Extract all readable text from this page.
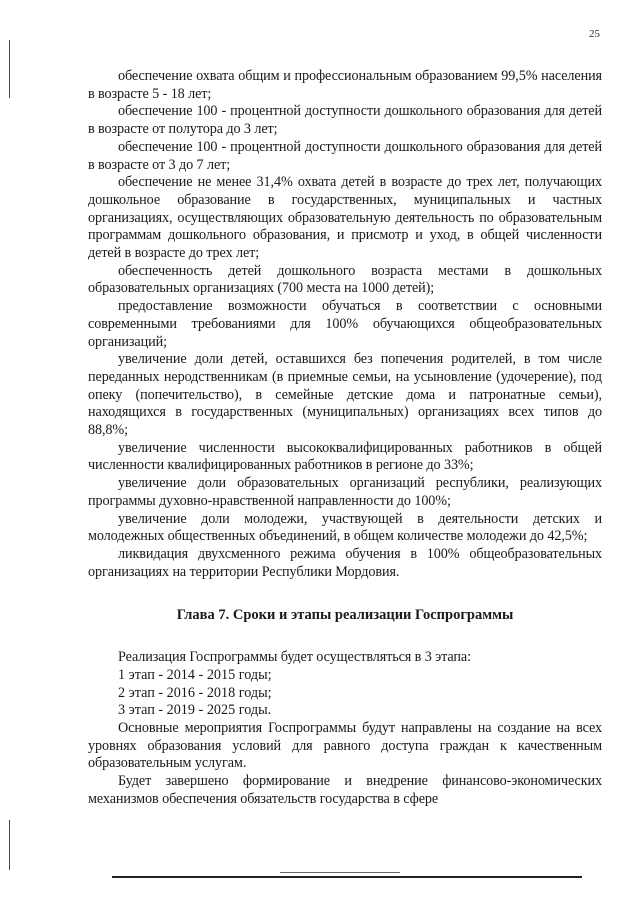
25

обеспечение охвата общим и профессиональным образованием 99,5% населения в возрасте 5 - 18 лет;

обеспечение 100 - процентной доступности дошкольного образования для детей в возрасте от полутора до 3 лет;

обеспечение 100 - процентной доступности дошкольного образования для детей в возрасте от 3 до 7 лет;

обеспечение не менее 31,4% охвата детей в возрасте до трех лет, получающих дошкольное образование в государственных, муниципальных и частных организациях, осуществляющих образовательную деятельность по образовательным программам дошкольного образования, и присмотр и уход, в общей численности детей в возрасте до трех лет;

обеспеченность детей дошкольного возраста местами в дошкольных образовательных организациях (700 места на 1000 детей);

предоставление возможности обучаться в соответствии с основными современными требованиями для 100% обучающихся общеобразовательных организаций;

увеличение доли детей, оставшихся без попечения родителей, в том числе переданных неродственникам (в приемные семьи, на усыновление (удочерение), под опеку (попечительство), в семейные детские дома и патронатные семьи), находящихся в государственных (муниципальных) организациях всех типов до 88,8%;

увеличение численности высококвалифицированных работников в общей численности квалифицированных работников в регионе до 33%;

увеличение доли образовательных организаций республики, реализующих программы духовно-нравственной направленности до 100%;

увеличение доли молодежи, участвующей в деятельности детских и молодежных общественных объединений, в общем количестве молодежи до 42,5%;

ликвидация двухсменного режима обучения в 100% общеобразовательных организациях на территории Республики Мордовия.

Глава 7. Сроки и этапы реализации Госпрограммы

Реализация Госпрограммы будет осуществляться в 3 этапа:

1 этап - 2014 - 2015 годы;
2 этап - 2016 - 2018 годы;
3 этап - 2019 - 2025 годы.

Основные мероприятия Госпрограммы будут направлены на создание на всех уровнях образования условий для равного доступа граждан к качественным образовательным услугам.

Будет завершено формирование и внедрение финансово-экономических механизмов обеспечения обязательств государства в сфере
